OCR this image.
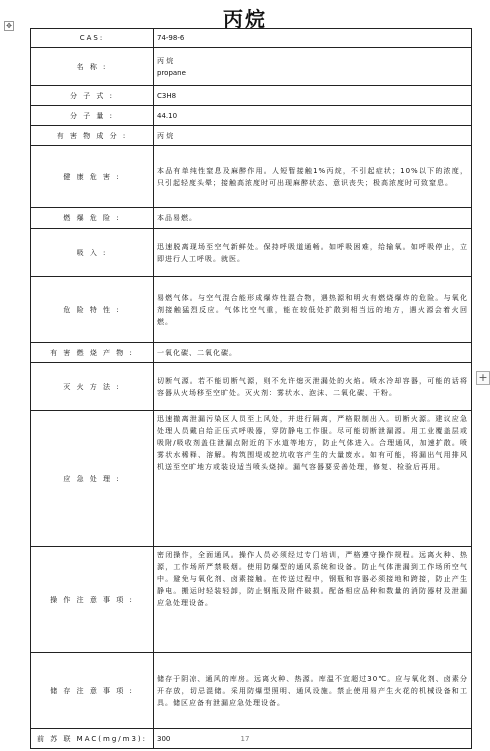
丙烷
✥
CAS:	74-98-6

名 称 :	丙 烷
propane

分 子 式 :	C3H8

分 子 量 :	44.10

有 害 物 成 分 :	丙 烷

健 康 危 害 :	本品有单纯性窒息及麻醉作用。人短暂接触1%丙烷，不引起症状；10%以下的浓度，只引起轻度头晕；接触高浓度时可出现麻醉状态、意识丧失；极高浓度时可致窒息。

燃 爆 危 险 :	本品易燃。

吸 入 :	迅速脱离现场至空气新鲜处。保持呼吸道通畅。如呼吸困难，给输氧。如呼吸停止，立即进行人工呼吸。就医。

危 险 特 性 :	易燃气体。与空气混合能形成爆炸性混合物，遇热源和明火有燃烧爆炸的危险。与氧化剂接触猛烈反应。气体比空气重，能在较低处扩散到相当远的地方，遇火源会着火回燃。

有 害 燃 烧 产 物 :	一氧化碳、二氧化碳。

灭 火 方 法 :	切断气源。若不能切断气源，则不允许熄灭泄漏处的火焰。喷水冷却容器，可能的话将容器从火场移至空旷处。灭火剂：雾状水、泡沫、二氧化碳、干粉。

应 急 处 理 :	迅速撤离泄漏污染区人员至上风处，并进行隔离，严格限制出入。切断火源。建议应急处理人员戴自给正压式呼吸器，穿防静电工作服。尽可能切断泄漏源。用工业覆盖层或吸附/吸收剂盖住泄漏点附近的下水道等地方，防止气体进入。合理通风，加速扩散。喷雾状水稀释、溶解。构筑围堤或挖坑收容产生的大量废水。如有可能，将漏出气用排风机送至空旷地方或装设适当喷头烧掉。漏气容器要妥善处理，修复、检验后再用。

操 作 注 意 事 项 :	密闭操作，全面通风。操作人员必须经过专门培训，严格遵守操作规程。远离火种、热源，工作场所严禁吸烟。使用防爆型的通风系统和设备。防止气体泄漏到工作场所空气中。避免与氧化剂、卤素接触。在传送过程中，钢瓶和容器必须接地和跨接，防止产生静电。搬运时轻装轻卸，防止钢瓶及附件破损。配备相应品种和数量的消防器材及泄漏应急处理设备。

储 存 注 意 事 项 :	储存于阴凉、通风的库房。远离火种、热源。库温不宜超过30℃。应与氧化剂、卤素分开存放，切忌混储。采用防爆型照明、通风设施。禁止使用易产生火花的机械设备和工具。储区应备有泄漏应急处理设备。

前 苏 联 MAC(mg/m3):	300
+
17
